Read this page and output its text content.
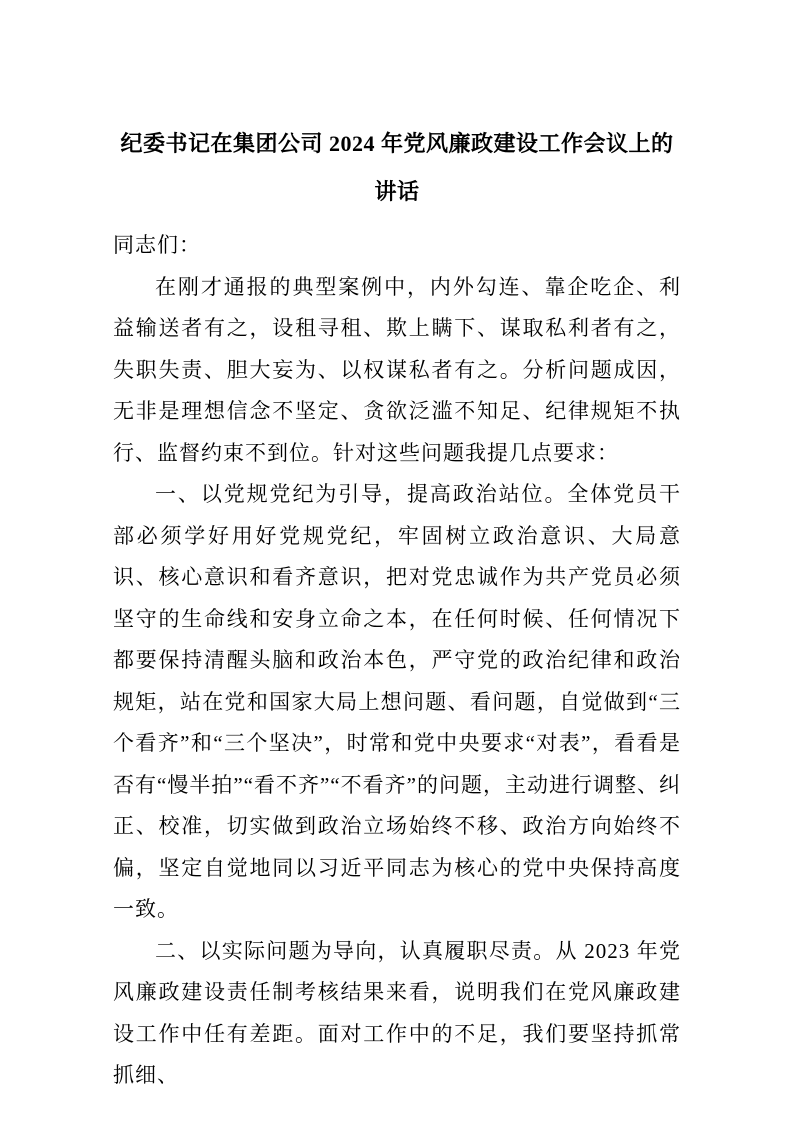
纪委书记在集团公司 2024 年党风廉政建设工作会议上的讲话

同志们：

在刚才通报的典型案例中，内外勾连、靠企吃企、利益输送者有之，设租寻租、欺上瞒下、谋取私利者有之，失职失责、胆大妄为、以权谋私者有之。分析问题成因，无非是理想信念不坚定、贪欲泛滥不知足、纪律规矩不执行、监督约束不到位。针对这些问题我提几点要求：

一、以党规党纪为引导，提高政治站位。全体党员干部必须学好用好党规党纪，牢固树立政治意识、大局意识、核心意识和看齐意识，把对党忠诚作为共产党员必须坚守的生命线和安身立命之本，在任何时候、任何情况下都要保持清醒头脑和政治本色，严守党的政治纪律和政治规矩，站在党和国家大局上想问题、看问题，自觉做到“三个看齐”和“三个坚决”，时常和党中央要求“对表”，看看是否有“慢半拍”“看不齐”“不看齐”的问题，主动进行调整、纠正、校准，切实做到政治立场始终不移、政治方向始终不偏，坚定自觉地同以习近平同志为核心的党中央保持高度一致。

二、以实际问题为导向，认真履职尽责。从 2023 年党风廉政建设责任制考核结果来看，说明我们在党风廉政建设工作中任有差距。面对工作中的不足，我们要坚持抓常抓细、
